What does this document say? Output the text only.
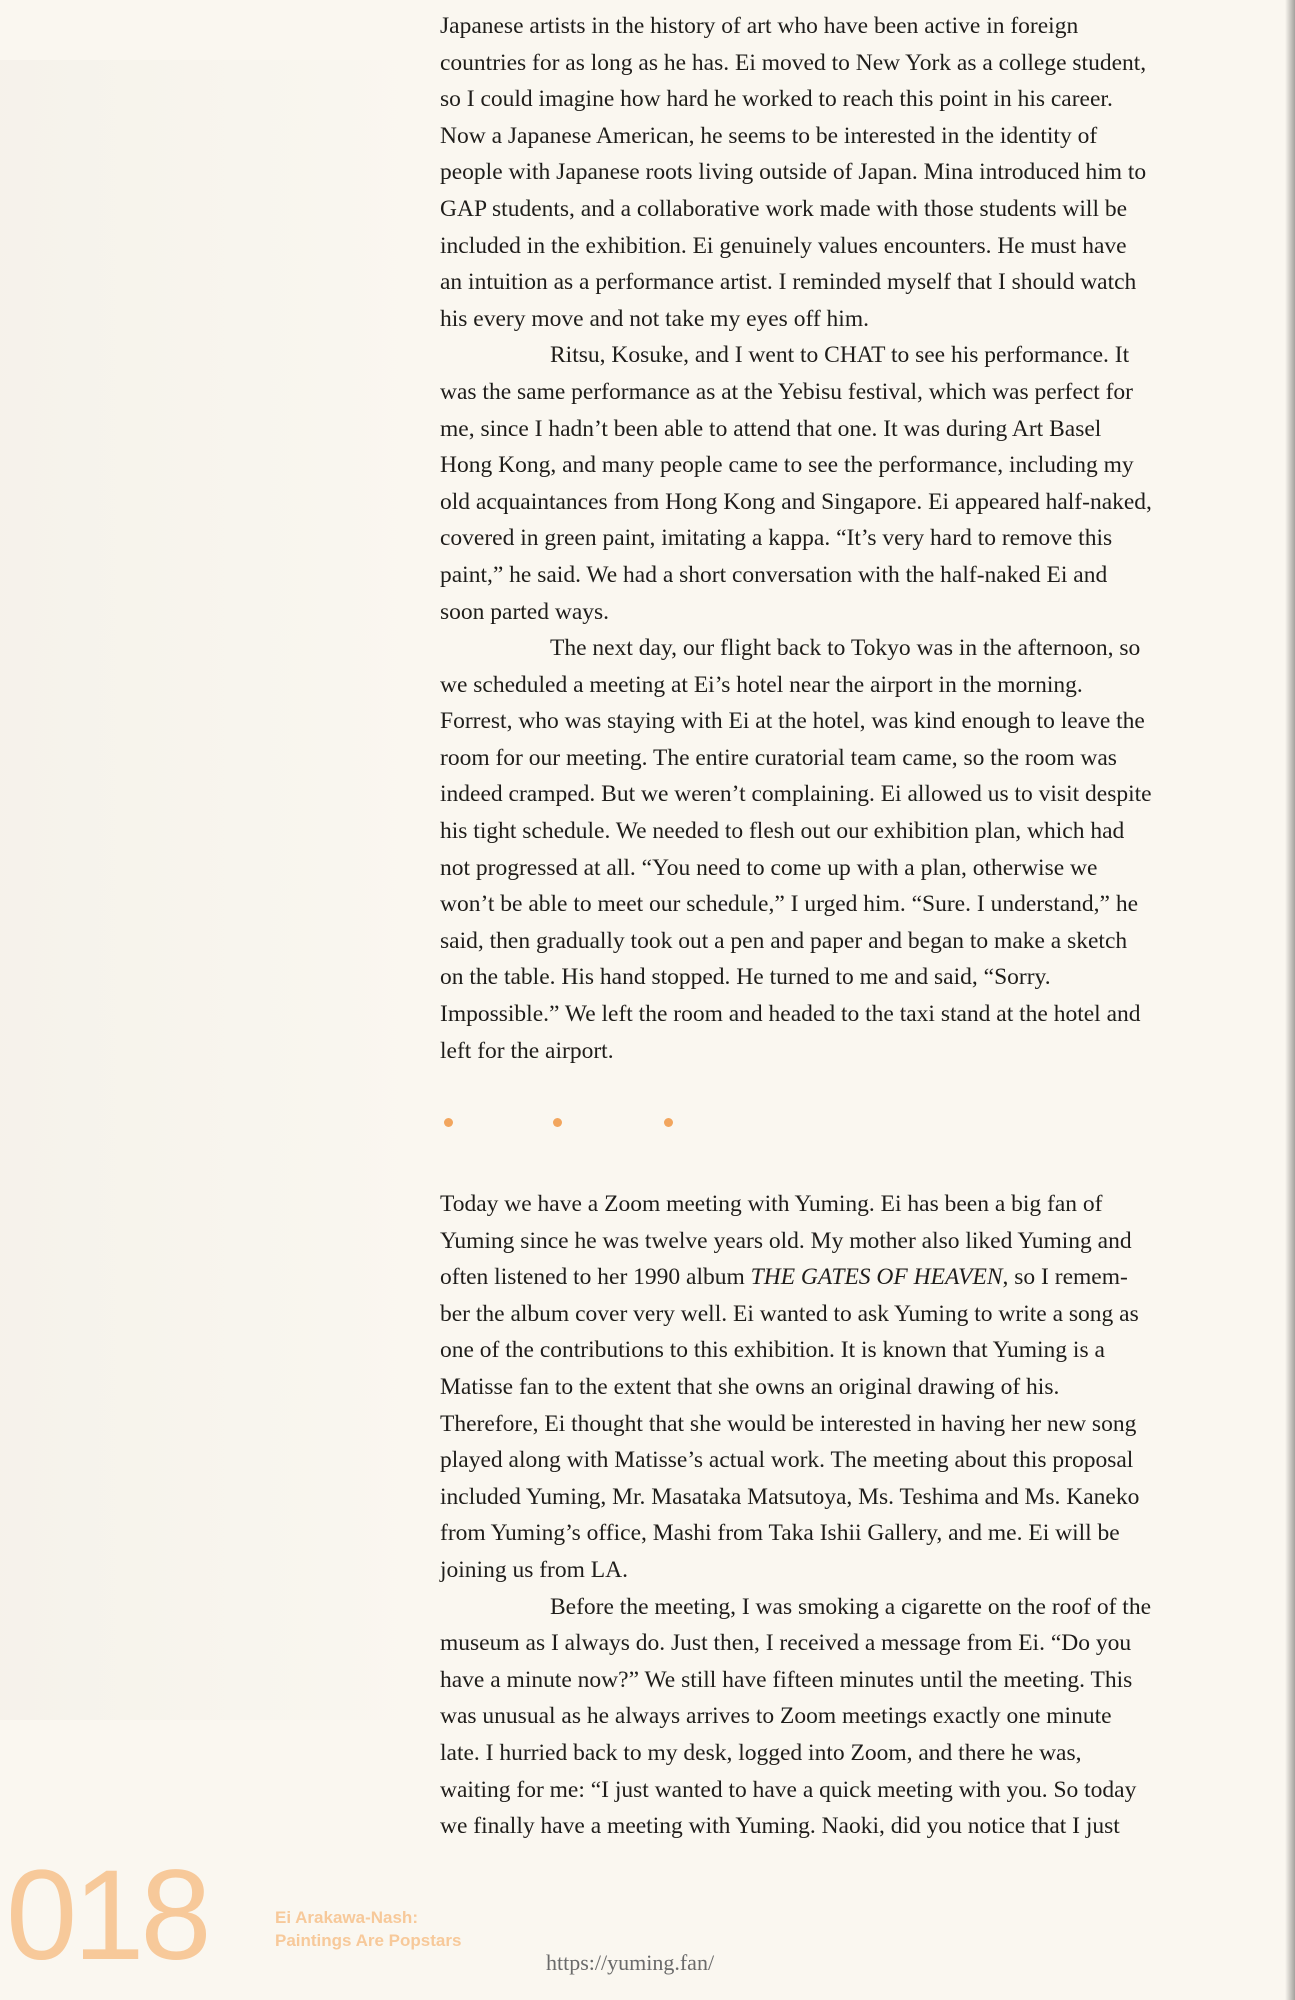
Japanese artists in the history of art who have been active in foreign
countries for as long as he has. Ei moved to New York as a college student,
so I could imagine how hard he worked to reach this point in his career.
Now a Japanese American, he seems to be interested in the identity of
people with Japanese roots living outside of Japan. Mina introduced him to
GAP students, and a collaborative work made with those students will be
included in the exhibition. Ei genuinely values encounters. He must have
an intuition as a performance artist. I reminded myself that I should watch
his every move and not take my eyes off him.

Ritsu, Kosuke, and I went to CHAT to see his performance. It
was the same performance as at the Yebisu festival, which was perfect for
me, since I hadn’t been able to attend that one. It was during Art Basel
Hong Kong, and many people came to see the performance, including my
old acquaintances from Hong Kong and Singapore. Ei appeared half-naked,
covered in green paint, imitating a kappa. “It’s very hard to remove this
paint,” he said. We had a short conversation with the half-naked Ei and
soon parted ways.

The next day, our flight back to Tokyo was in the afternoon, so
we scheduled a meeting at Ei’s hotel near the airport in the morning.
Forrest, who was staying with Ei at the hotel, was kind enough to leave the
room for our meeting. The entire curatorial team came, so the room was
indeed cramped. But we weren’t complaining. Ei allowed us to visit despite
his tight schedule. We needed to flesh out our exhibition plan, which had
not progressed at all. “You need to come up with a plan, otherwise we
won’t be able to meet our schedule,” I urged him. “Sure. I understand,” he
said, then gradually took out a pen and paper and began to make a sketch
on the table. His hand stopped. He turned to me and said, “Sorry.
Impossible.” We left the room and headed to the taxi stand at the hotel and
left for the airport.

Today we have a Zoom meeting with Yuming. Ei has been a big fan of
Yuming since he was twelve years old. My mother also liked Yuming and
often listened to her 1990 album THE GATES OF HEAVEN, so I remem-
ber the album cover very well. Ei wanted to ask Yuming to write a song as
one of the contributions to this exhibition. It is known that Yuming is a
Matisse fan to the extent that she owns an original drawing of his.
Therefore, Ei thought that she would be interested in having her new song
played along with Matisse’s actual work. The meeting about this proposal
included Yuming, Mr. Masataka Matsutoya, Ms. Teshima and Ms. Kaneko
from Yuming’s office, Mashi from Taka Ishii Gallery, and me. Ei will be
joining us from LA.

Before the meeting, I was smoking a cigarette on the roof of the
museum as I always do. Just then, I received a message from Ei. “Do you
have a minute now?” We still have fifteen minutes until the meeting. This
was unusual as he always arrives to Zoom meetings exactly one minute
late. I hurried back to my desk, logged into Zoom, and there he was,
waiting for me: “I just wanted to have a quick meeting with you. So today
we finally have a meeting with Yuming. Naoki, did you notice that I just

018	Ei Arakawa-Nash:
Paintings Are Popstars
https://yuming.fan/
